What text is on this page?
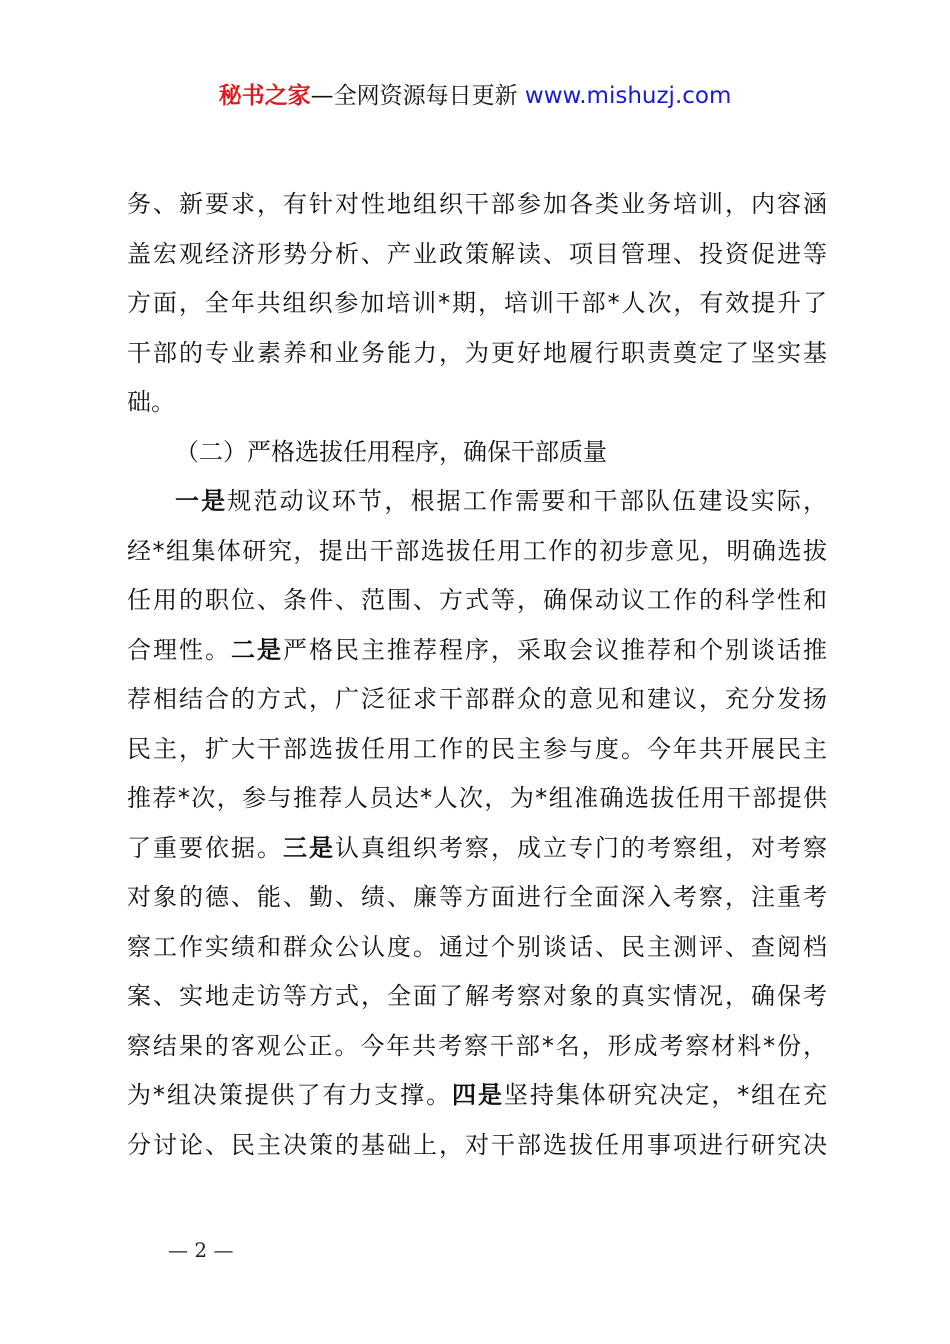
秘书之家—全网资源每日更新 www.mishuzj.com
务、新要求，有针对性地组织干部参加各类业务培训，内容涵
盖宏观经济形势分析、产业政策解读、项目管理、投资促进等
方面，全年共组织参加培训*期，培训干部*人次，有效提升了
干部的专业素养和业务能力，为更好地履行职责奠定了坚实基
础。
（二）严格选拔任用程序，确保干部质量
一是规范动议环节，根据工作需要和干部队伍建设实际，
经*组集体研究，提出干部选拔任用工作的初步意见，明确选拔
任用的职位、条件、范围、方式等，确保动议工作的科学性和
合理性。二是严格民主推荐程序，采取会议推荐和个别谈话推
荐相结合的方式，广泛征求干部群众的意见和建议，充分发扬
民主，扩大干部选拔任用工作的民主参与度。今年共开展民主
推荐*次，参与推荐人员达*人次，为*组准确选拔任用干部提供
了重要依据。三是认真组织考察，成立专门的考察组，对考察
对象的德、能、勤、绩、廉等方面进行全面深入考察，注重考
察工作实绩和群众公认度。通过个别谈话、民主测评、查阅档
案、实地走访等方式，全面了解考察对象的真实情况，确保考
察结果的客观公正。今年共考察干部*名，形成考察材料*份，
为*组决策提供了有力支撑。四是坚持集体研究决定，*组在充
分讨论、民主决策的基础上，对干部选拔任用事项进行研究决
— 2 —
